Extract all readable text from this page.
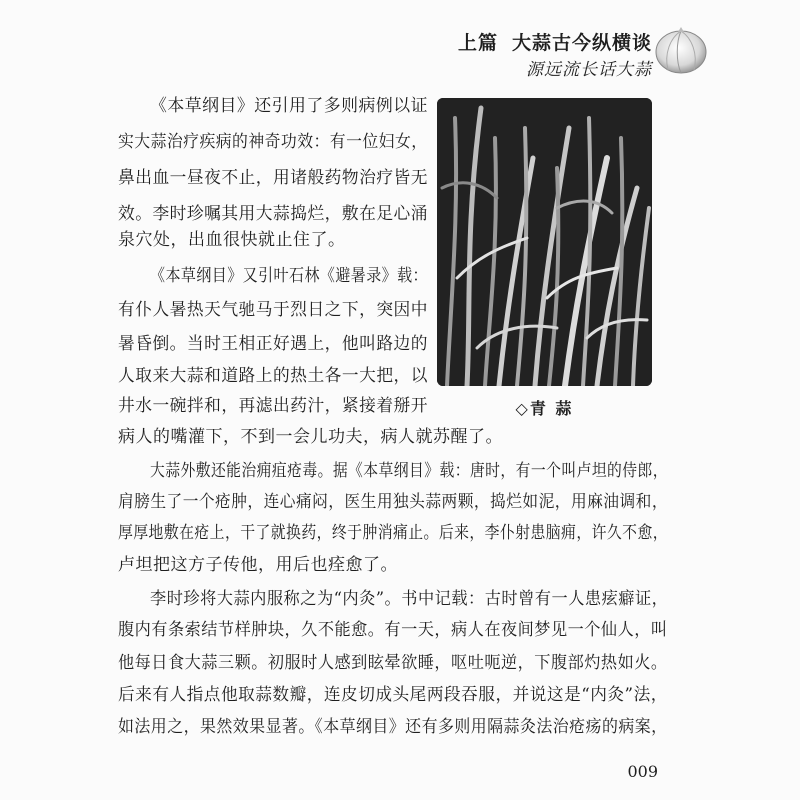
上篇 大蒜古今纵横谈
源远流长话大蒜
◇青 蒜
《本草纲目》还引用了多则病例以证
实大蒜治疗疾病的神奇功效：有一位妇女，
鼻出血一昼夜不止，用诸般药物治疗皆无
效。李时珍嘱其用大蒜捣烂，敷在足心涌
泉穴处，出血很快就止住了。
《本草纲目》又引叶石林《避暑录》载：
有仆人暑热天气驰马于烈日之下，突因中
暑昏倒。当时王相正好遇上，他叫路边的
人取来大蒜和道路上的热土各一大把，以
井水一碗拌和，再滤出药汁，紧接着掰开
病人的嘴灌下，不到一会儿功夫，病人就苏醒了。
大蒜外敷还能治痈疽疮毒。据《本草纲目》载：唐时，有一个叫卢坦的侍郎，
肩膀生了一个疮肿，连心痛闷，医生用独头蒜两颗，捣烂如泥，用麻油调和，
厚厚地敷在疮上，干了就换药，终于肿消痛止。后来，李仆射患脑痈，许久不愈，
卢坦把这方子传他，用后也痊愈了。
李时珍将大蒜内服称之为“内灸”。书中记载：古时曾有一人患痃癖证，
腹内有条索结节样肿块，久不能愈。有一天，病人在夜间梦见一个仙人，叫
他每日食大蒜三颗。初服时人感到眩晕欲睡，呕吐呃逆，下腹部灼热如火。
后来有人指点他取蒜数瓣，连皮切成头尾两段吞服，并说这是“内灸”法，
如法用之，果然效果显著。《本草纲目》还有多则用隔蒜灸法治疮疡的病案，
009
